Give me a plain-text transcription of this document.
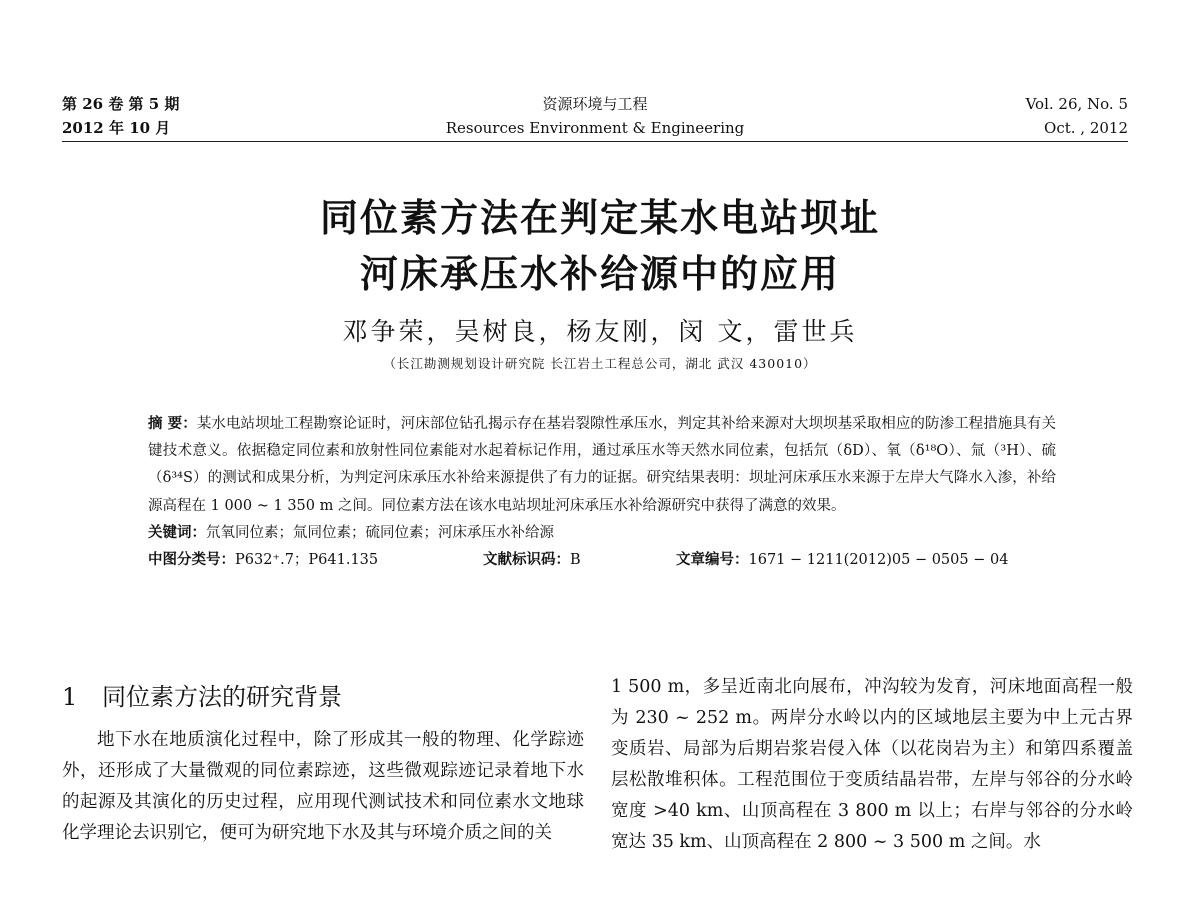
第 26 卷 第 5 期
2012 年 10 月
资源环境与工程
Resources Environment & Engineering
Vol. 26, No. 5
Oct. , 2012
同位素方法在判定某水电站坝址
河床承压水补给源中的应用
邓争荣，吴树良，杨友刚，闵 文，雷世兵
（长江勘测规划设计研究院 长江岩土工程总公司，湖北 武汉 430010）

摘 要：某水电站坝址工程勘察论证时，河床部位钻孔揭示存在基岩裂隙性承压水，判定其补给来源对大坝坝基采取相应的防渗工程措施具有关键技术意义。依据稳定同位素和放射性同位素能对水起着标记作用，通过承压水等天然水同位素，包括氘（δD）、氧（δ¹⁸O）、氚（³H）、硫（δ³⁴S）的测试和成果分析，为判定河床承压水补给来源提供了有力的证据。研究结果表明：坝址河床承压水来源于左岸大气降水入渗，补给源高程在 1 000 ~ 1 350 m 之间。同位素方法在该水电站坝址河床承压水补给源研究中获得了满意的效果。

关键词：氘氧同位素；氚同位素；硫同位素；河床承压水补给源

中图分类号：P632⁺.7；P641.135	文献标识码：B	文章编号：1671 − 1211(2012)05 − 0505 − 04

1 同位素方法的研究背景

地下水在地质演化过程中，除了形成其一般的物理、化学踪迹外，还形成了大量微观的同位素踪迹，这些微观踪迹记录着地下水的起源及其演化的历史过程，应用现代测试技术和同位素水文地球化学理论去识别它，便可为研究地下水及其与环境介质之间的关

1 500 m，多呈近南北向展布，冲沟较为发育，河床地面高程一般为 230 ~ 252 m。两岸分水岭以内的区域地层主要为中上元古界变质岩、局部为后期岩浆岩侵入体（以花岗岩为主）和第四系覆盖层松散堆积体。工程范围位于变质结晶岩带，左岸与邻谷的分水岭宽度 >40 km、山顶高程在 3 800 m 以上；右岸与邻谷的分水岭宽达 35 km、山顶高程在 2 800 ~ 3 500 m 之间。水
